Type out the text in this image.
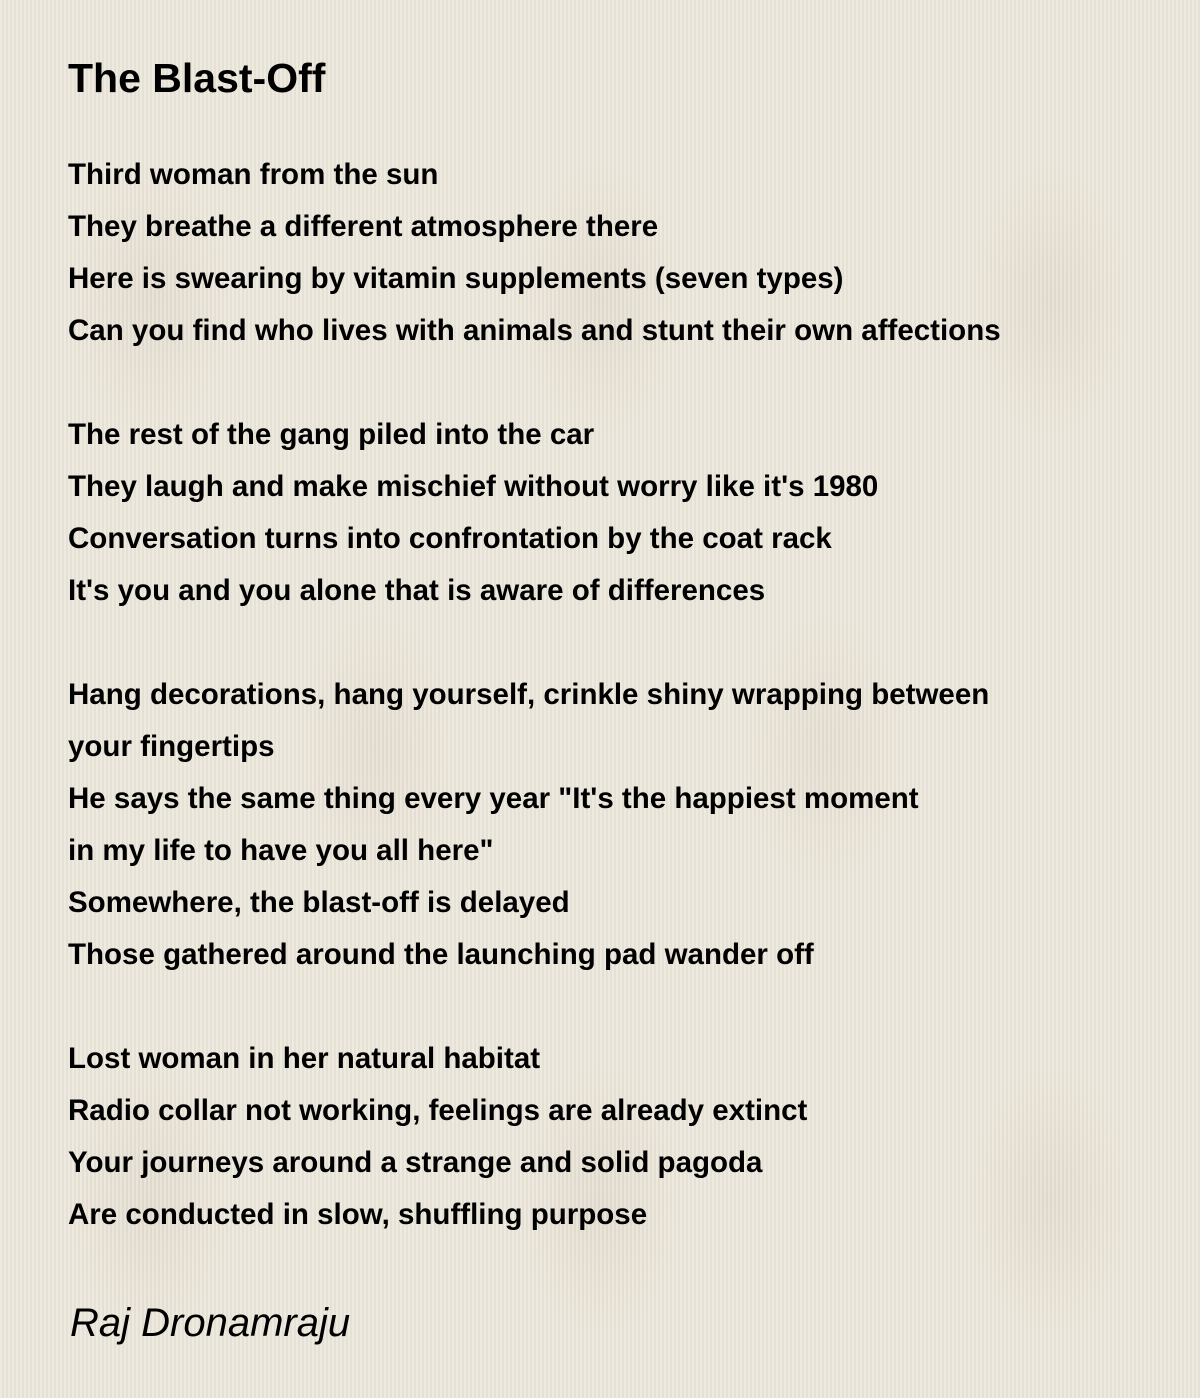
The Blast-Off

Third woman from the sun
They breathe a different atmosphere there
Here is swearing by vitamin supplements (seven types)
Can you find who lives with animals and stunt their own affections

The rest of the gang piled into the car
They laugh and make mischief without worry like it's 1980
Conversation turns into confrontation by the coat rack
It's you and you alone that is aware of differences

Hang decorations, hang yourself, crinkle shiny wrapping between
your fingertips
He says the same thing every year "It's the happiest moment
in my life to have you all here"
Somewhere, the blast-off is delayed
Those gathered around the launching pad wander off

Lost woman in her natural habitat
Radio collar not working, feelings are already extinct
Your journeys around a strange and solid pagoda
Are conducted in slow, shuffling purpose

Raj Dronamraju
